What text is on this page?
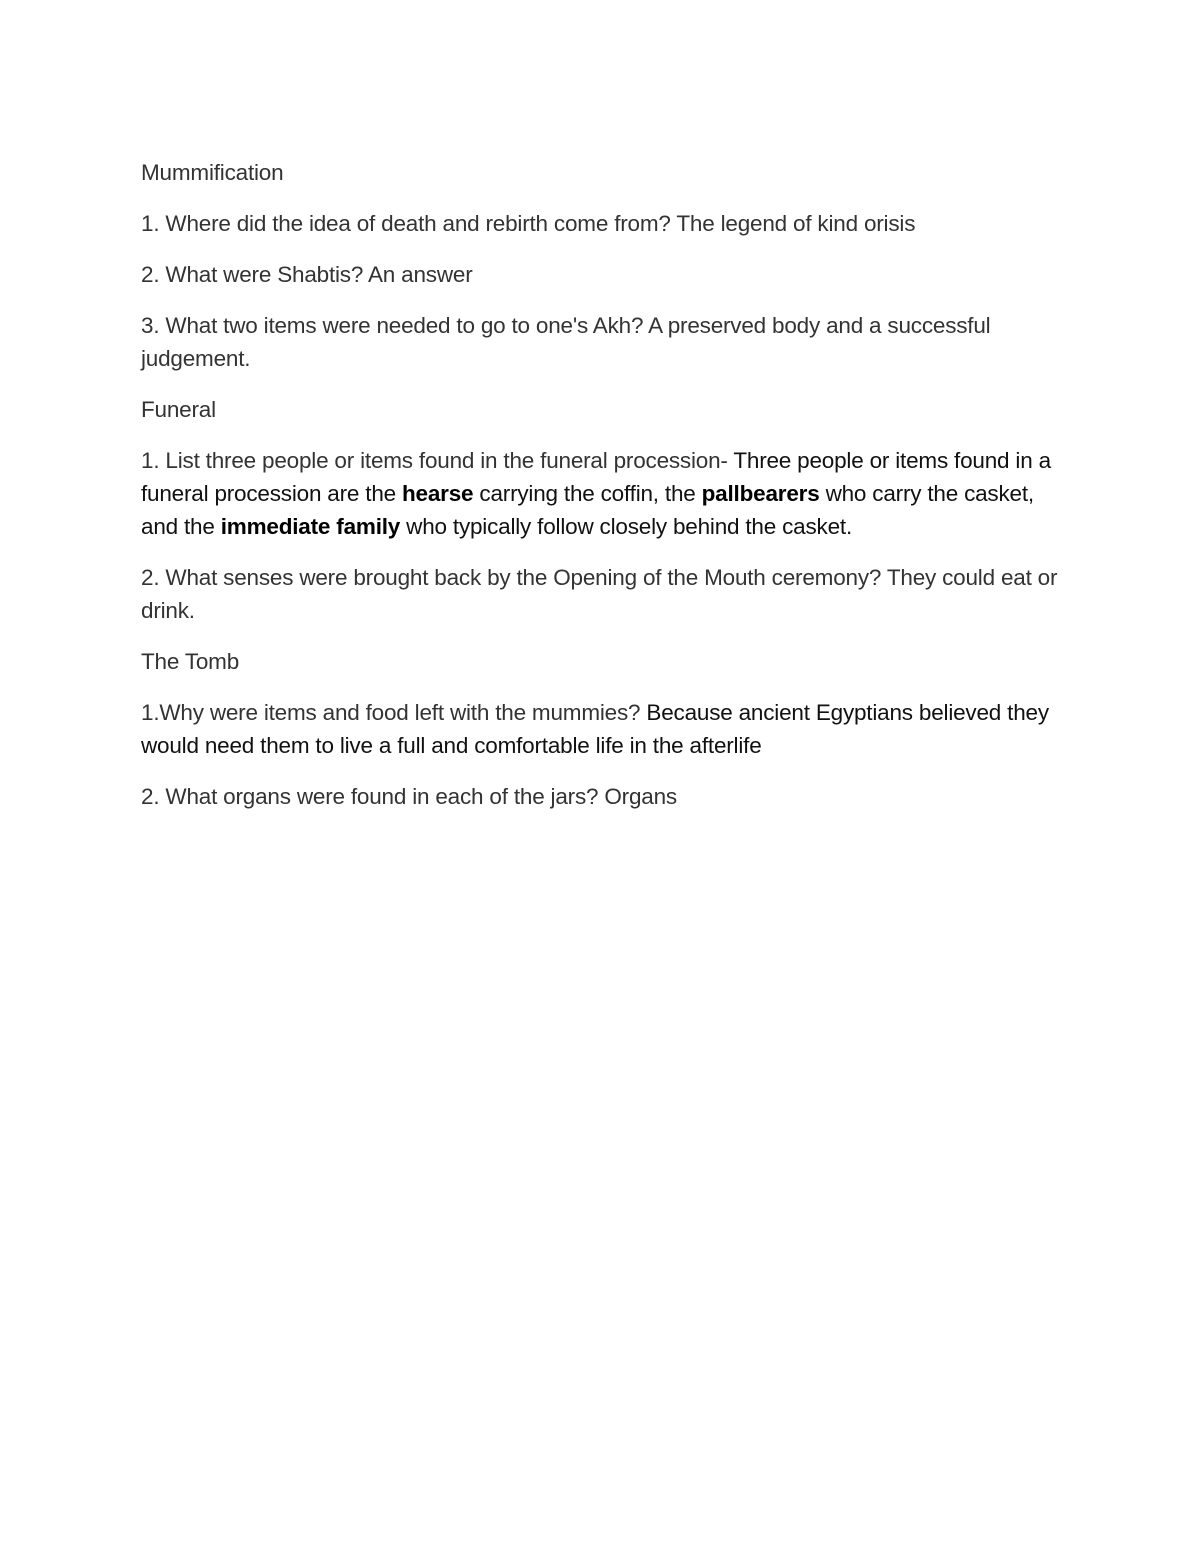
Mummification

1. Where did the idea of death and rebirth come from? The legend of kind orisis

2. What were Shabtis? An answer

3. What two items were needed to go to one's Akh? A preserved body and a successful judgement.

Funeral

1. List three people or items found in the funeral procession- Three people or items found in a funeral procession are the hearse carrying the coffin, the pallbearers who carry the casket, and the immediate family who typically follow closely behind the casket.

2. What senses were brought back by the Opening of the Mouth ceremony? They could eat or drink.

The Tomb

1.Why were items and food left with the mummies? Because ancient Egyptians believed they would need them to live a full and comfortable life in the afterlife

2. What organs were found in each of the jars? Organs
